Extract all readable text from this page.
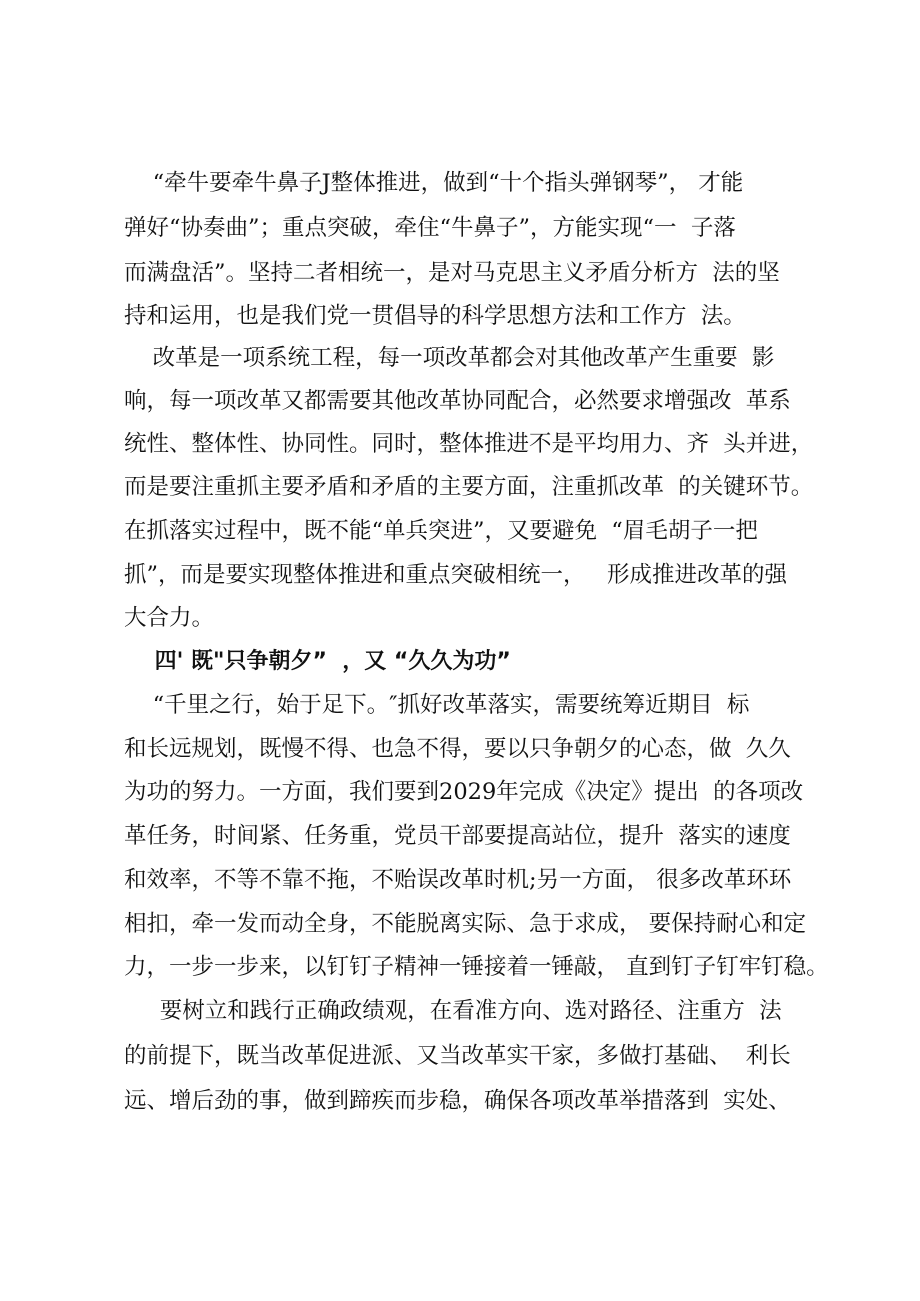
“牵牛要牵牛鼻子J整体推进，做到“十个指头弹钢琴”， 才能
弹好“协奏曲”；重点突破，牵住“牛鼻子”，方能实现“一  子落
而满盘活”。坚持二者相统一，是对马克思主义矛盾分析方  法的坚
持和运用，也是我们党一贯倡导的科学思想方法和工作方  法。
改革是一项系统工程，每一项改革都会对其他改革产生重要  影
响，每一项改革又都需要其他改革协同配合，必然要求增强改  革系
统性、整体性、协同性。同时，整体推进不是平均用力、齐  头并进，
而是要注重抓主要矛盾和矛盾的主要方面，注重抓改革  的关键环节。
在抓落实过程中，既不能“单兵突进”，又要避免  “眉毛胡子一把
抓”，而是要实现整体推进和重点突破相统一，   形成推进改革的强
大合力。
四' 既"只争朝夕”  ，又 “久久为功”
“千里之行，始于足下。″抓好改革落实，需要统筹近期目  标
和长远规划，既慢不得、也急不得，要以只争朝夕的心态，做  久久
为功的努力。一方面，我们要到2029年完成《决定》提出  的各项改
革任务，时间紧、任务重，党员干部要提高站位，提升  落实的速度
和效率，不等不靠不拖，不贻误改革时机;另一方面， 很多改革环环
相扣，牵一发而动全身，不能脱离实际、急于求成， 要保持耐心和定
力，一步一步来，以钉钉子精神一锤接着一锤敲， 直到钉子钉牢钉稳。
要树立和践行正确政绩观，在看准方向、选对路径、注重方  法
的前提下，既当改革促进派、又当改革实干家，多做打基础、  利长
远、增后劲的事，做到蹄疾而步稳，确保各项改革举措落到  实处、
